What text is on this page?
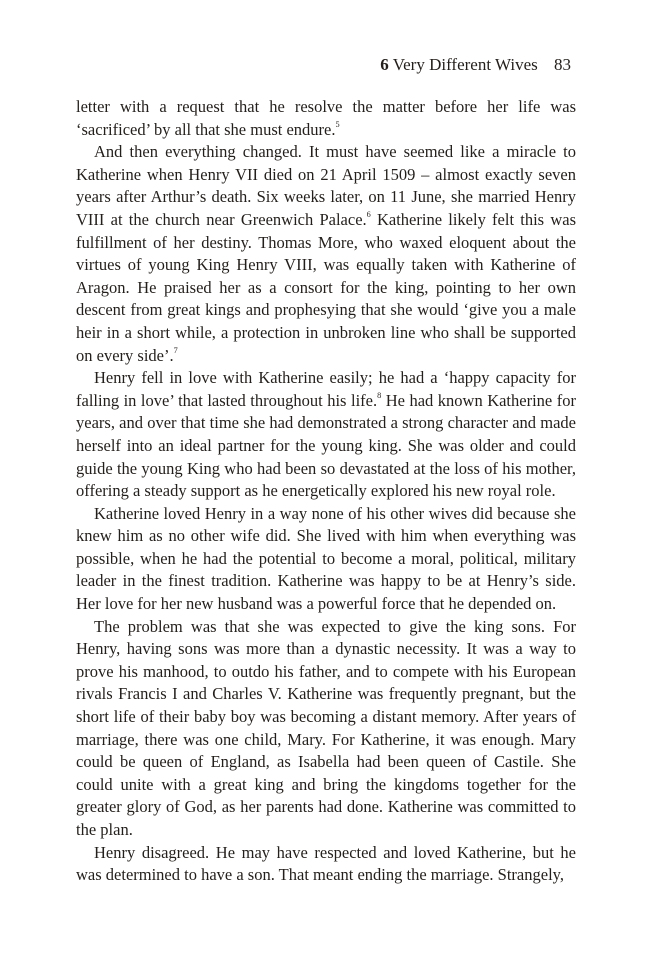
6 Very Different Wives 83

letter with a request that he resolve the matter before her life was ‘sacrificed’ by all that she must endure.$^5$

And then everything changed. It must have seemed like a miracle to Katherine when Henry VII died on 21 April 1509 – almost exactly seven years after Arthur’s death. Six weeks later, on 11 June, she married Henry VIII at the church near Greenwich Palace.$^6$ Katherine likely felt this was fulfillment of her destiny. Thomas More, who waxed eloquent about the virtues of young King Henry VIII, was equally taken with Katherine of Aragon. He praised her as a consort for the king, pointing to her own descent from great kings and prophesying that she would ‘give you a male heir in a short while, a protection in unbroken line who shall be supported on every side’.$^7$

Henry fell in love with Katherine easily; he had a ‘happy capacity for falling in love’ that lasted throughout his life.$^8$ He had known Katherine for years, and over that time she had demonstrated a strong character and made herself into an ideal partner for the young king. She was older and could guide the young King who had been so devastated at the loss of his mother, offering a steady support as he energetically explored his new royal role.

Katherine loved Henry in a way none of his other wives did because she knew him as no other wife did. She lived with him when everything was possible, when he had the potential to become a moral, political, military leader in the finest tradition. Katherine was happy to be at Henry’s side. Her love for her new husband was a powerful force that he depended on.

The problem was that she was expected to give the king sons. For Henry, having sons was more than a dynastic necessity. It was a way to prove his manhood, to outdo his father, and to compete with his European rivals Francis I and Charles V. Katherine was frequently pregnant, but the short life of their baby boy was becoming a distant memory. After years of marriage, there was one child, Mary. For Katherine, it was enough. Mary could be queen of England, as Isabella had been queen of Castile. She could unite with a great king and bring the kingdoms together for the greater glory of God, as her parents had done. Katherine was committed to the plan.

Henry disagreed. He may have respected and loved Katherine, but he was determined to have a son. That meant ending the marriage. Strangely,
